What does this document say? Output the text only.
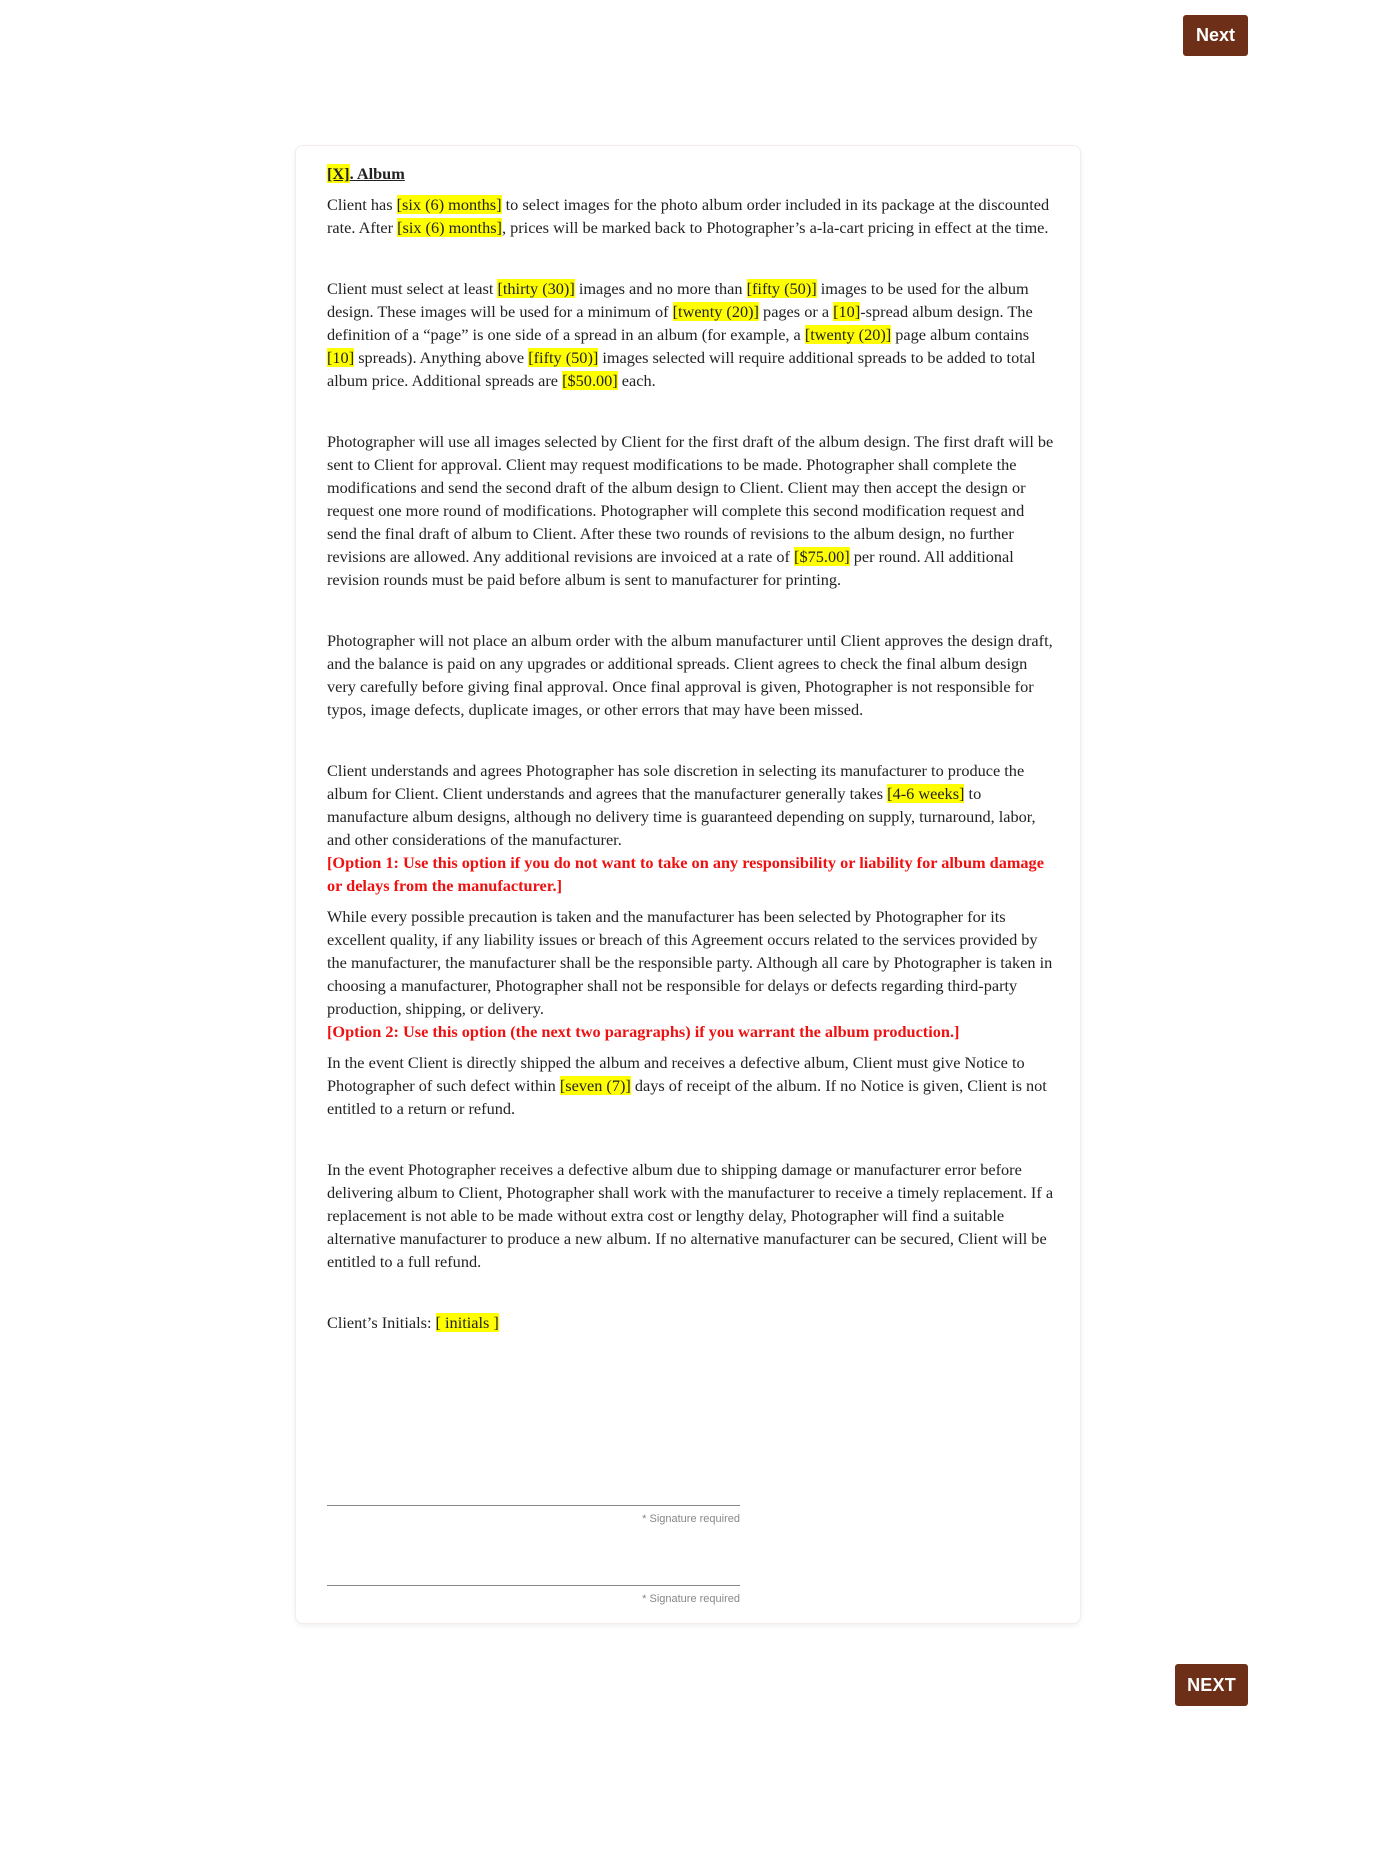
Next

[X]. Album

Client has [six (6) months] to select images for the photo album order included in its package at the discounted rate. After [six (6) months], prices will be marked back to Photographer’s a-la-cart pricing in effect at the time.

Client must select at least [thirty (30)] images and no more than [fifty (50)] images to be used for the album design. These images will be used for a minimum of [twenty (20)] pages or a [10]-spread album design. The definition of a “page” is one side of a spread in an album (for example, a [twenty (20)] page album contains [10] spreads). Anything above [fifty (50)] images selected will require additional spreads to be added to total album price. Additional spreads are [$50.00] each.

Photographer will use all images selected by Client for the first draft of the album design. The first draft will be sent to Client for approval. Client may request modifications to be made. Photographer shall complete the modifications and send the second draft of the album design to Client. Client may then accept the design or request one more round of modifications. Photographer will complete this second modification request and send the final draft of album to Client. After these two rounds of revisions to the album design, no further revisions are allowed. Any additional revisions are invoiced at a rate of [$75.00] per round. All additional revision rounds must be paid before album is sent to manufacturer for printing.

Photographer will not place an album order with the album manufacturer until Client approves the design draft, and the balance is paid on any upgrades or additional spreads. Client agrees to check the final album design very carefully before giving final approval. Once final approval is given, Photographer is not responsible for typos, image defects, duplicate images, or other errors that may have been missed.

Client understands and agrees Photographer has sole discretion in selecting its manufacturer to produce the album for Client. Client understands and agrees that the manufacturer generally takes [4-6 weeks] to manufacture album designs, although no delivery time is guaranteed depending on supply, turnaround, labor, and other considerations of the manufacturer.

[Option 1: Use this option if you do not want to take on any responsibility or liability for album damage or delays from the manufacturer.]

While every possible precaution is taken and the manufacturer has been selected by Photographer for its excellent quality, if any liability issues or breach of this Agreement occurs related to the services provided by the manufacturer, the manufacturer shall be the responsible party. Although all care by Photographer is taken in choosing a manufacturer, Photographer shall not be responsible for delays or defects regarding third-party production, shipping, or delivery.

[Option 2: Use this option (the next two paragraphs) if you warrant the album production.]

In the event Client is directly shipped the album and receives a defective album, Client must give Notice to Photographer of such defect within [seven (7)] days of receipt of the album. If no Notice is given, Client is not entitled to a return or refund.

In the event Photographer receives a defective album due to shipping damage or manufacturer error before delivering album to Client, Photographer shall work with the manufacturer to receive a timely replacement. If a replacement is not able to be made without extra cost or lengthy delay, Photographer will find a suitable alternative manufacturer to produce a new album. If no alternative manufacturer can be secured, Client will be entitled to a full refund.

Client’s Initials: [ initials ]

* Signature required
* Signature required
NEXT
